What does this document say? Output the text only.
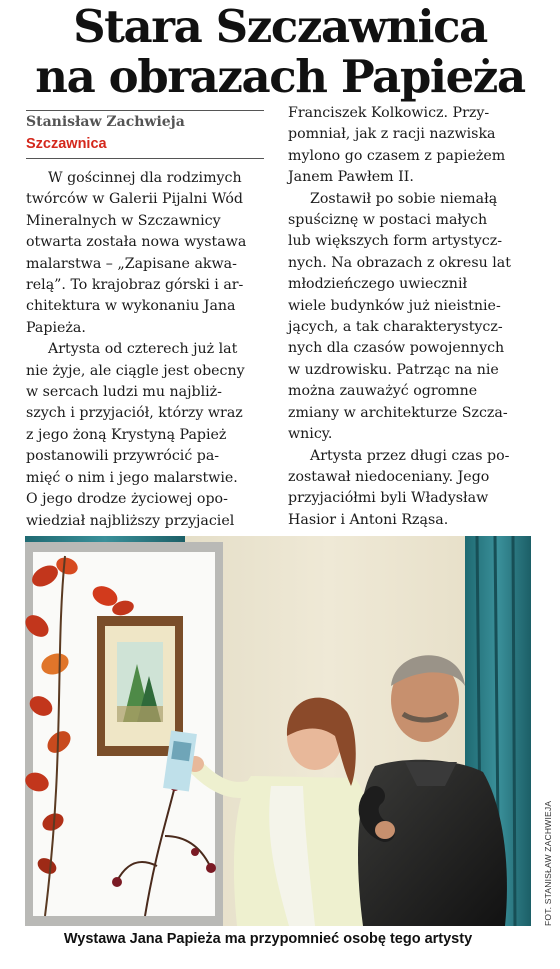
Stara Szczawnica
na obrazach Papieża
Stanisław Zachwieja
Szczawnica

W gościnnej dla rodzimych
twórców w Galerii Pijalni Wód
Mineralnych w Szczawnicy
otwarta została nowa wystawa
malarstwa – „Zapisane akwa-
relą”. To krajobraz górski i ar-
chitektura w wykonaniu Jana
Papieża.

Artysta od czterech już lat
nie żyje, ale ciągle jest obecny
w sercach ludzi mu najbliż-
szych i przyjaciół, którzy wraz
z jego żoną Krystyną Papież
postanowili przywrócić pa-
mięć o nim i jego malarstwie.
O jego drodze życiowej opo-
wiedział najbliższy przyjaciel

Franciszek Kolkowicz. Przy-
pomniał, jak z racji nazwiska
mylono go czasem z papieżem
Janem Pawłem II.

Zostawił po sobie niemałą
spuściznę w postaci małych
lub większych form artystycz-
nych. Na obrazach z okresu lat
młodzieńczego uwiecznił
wiele budynków już nieistnie-
jących, a tak charakterystycz-
nych dla czasów powojennych
w uzdrowisku. Patrząc na nie
można zauważyć ogromne
zmiany w architekturze Szcza-
wnicy.

Artysta przez długi czas po-
zostawał niedoceniany. Jego
przyjaciółmi byli Władysław
Hasior i Antoni Rząsa.

FOT. STANISŁAW ZACHWIEJA
Wystawa Jana Papieża ma przypomnieć osobę tego artysty
